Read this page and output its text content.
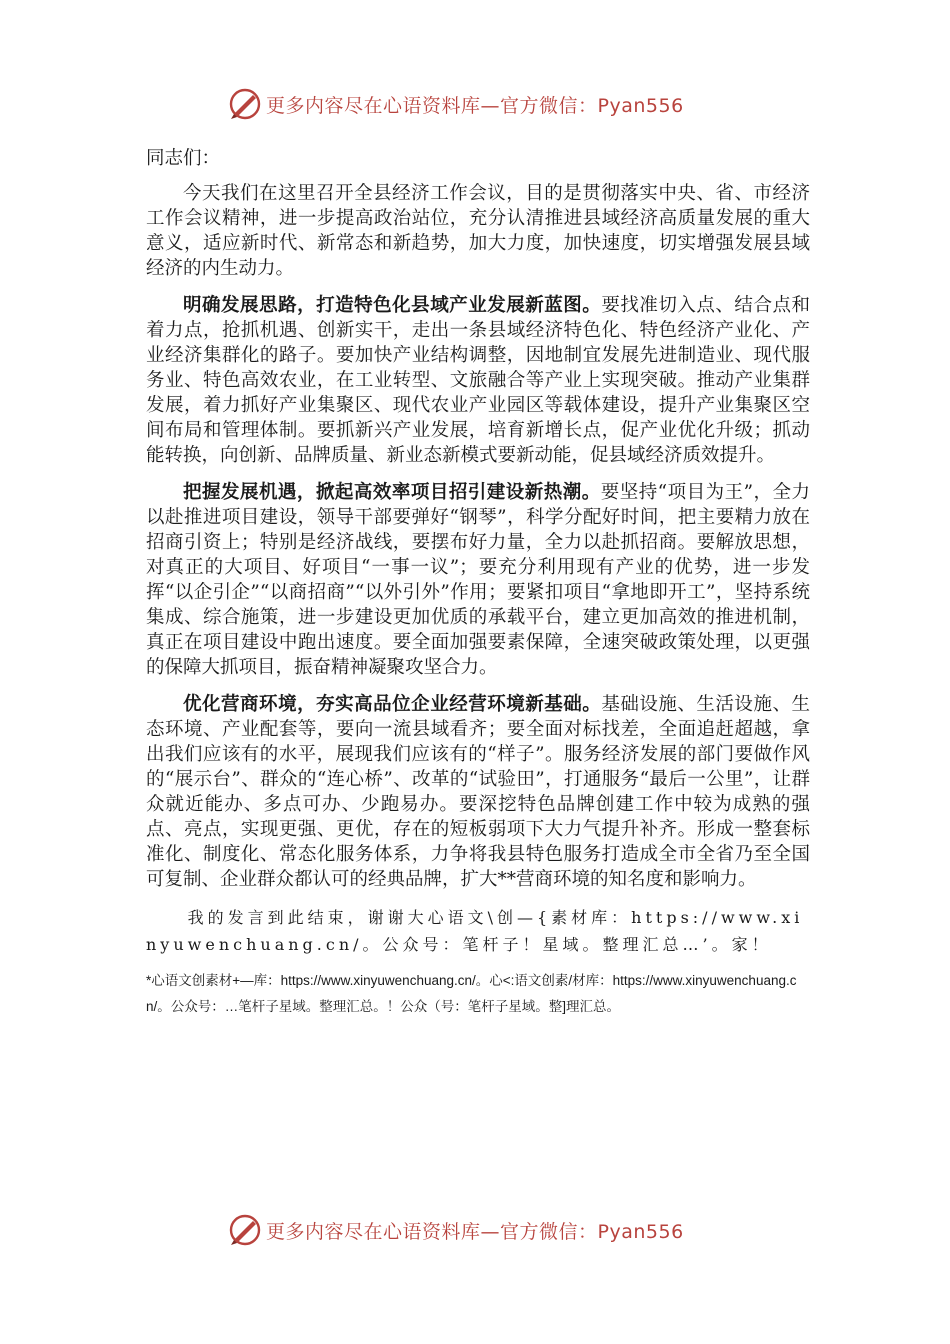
更多内容尽在心语资料库—官方微信：Pyan556

同志们：

今天我们在这里召开全县经济工作会议，目的是贯彻落实中央、省、市经济工作会议精神，进一步提高政治站位，充分认清推进县域经济高质量发展的重大意义，适应新时代、新常态和新趋势，加大力度，加快速度，切实增强发展县域经济的内生动力。

明确发展思路，打造特色化县域产业发展新蓝图。要找准切入点、结合点和着力点，抢抓机遇、创新实干，走出一条县域经济特色化、特色经济产业化、产业经济集群化的路子。要加快产业结构调整，因地制宜发展先进制造业、现代服务业、特色高效农业，在工业转型、文旅融合等产业上实现突破。推动产业集群发展，着力抓好产业集聚区、现代农业产业园区等载体建设，提升产业集聚区空间布局和管理体制。要抓新兴产业发展，培育新增长点，促产业优化升级；抓动能转换，向创新、品牌质量、新业态新模式要新动能，促县域经济质效提升。

把握发展机遇，掀起高效率项目招引建设新热潮。要坚持“项目为王”，全力以赴推进项目建设，领导干部要弹好“钢琴”，科学分配好时间，把主要精力放在招商引资上；特别是经济战线，要摆布好力量，全力以赴抓招商。要解放思想，对真正的大项目、好项目“一事一议”；要充分利用现有产业的优势，进一步发挥“以企引企”“以商招商”“以外引外”作用；要紧扣项目“拿地即开工”，坚持系统集成、综合施策，进一步建设更加优质的承载平台，建立更加高效的推进机制，真正在项目建设中跑出速度。要全面加强要素保障，全速突破政策处理，以更强的保障大抓项目，振奋精神凝聚攻坚合力。

优化营商环境，夯实高品位企业经营环境新基础。基础设施、生活设施、生态环境、产业配套等，要向一流县域看齐；要全面对标找差，全面追赶超越，拿出我们应该有的水平，展现我们应该有的“样子”。服务经济发展的部门要做作风的“展示台”、群众的“连心桥”、改革的“试验田”，打通服务“最后一公里”，让群众就近能办、多点可办、少跑易办。要深挖特色品牌创建工作中较为成熟的强点、亮点，实现更强、更优，存在的短板弱项下大力气提升补齐。形成一整套标准化、制度化、常态化服务体系，力争将我县特色服务打造成全市全省乃至全国可复制、企业群众都认可的经典品牌，扩大**营商环境的知名度和影响力。

我的发言到此结束，谢谢大心语文\创—{素材库：https://www.xinyuwenchuang.cn/。公众号：笔杆子！星域。整理汇总…’。家！

*心语文创素材+—库：https://www.xinyuwenchuang.cn/。心<:语文创素/材库：https://www.xinyuwenchuang.cn/。公众号：…笔杆子星域。整理汇总。！公众（号：笔杆子星域。整]理汇总。

更多内容尽在心语资料库—官方微信：Pyan556
